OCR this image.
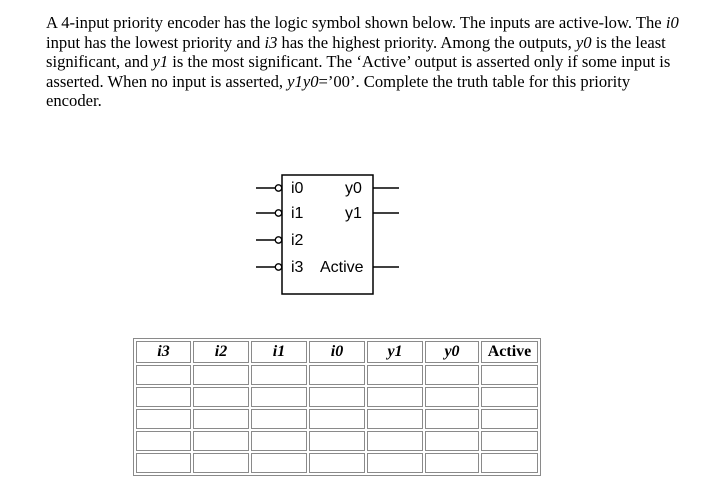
A 4-input priority encoder has the logic symbol shown below. The inputs are active-low. The i0 input has the lowest priority and i3 has the highest priority. Among the outputs, y0 is the least significant, and y1 is the most significant. The ‘Active’ output is asserted only if some input is asserted. When no input is asserted, y1y0=’00’. Complete the truth table for this priority encoder.

i0
i1
i2
i3
y0
y1
Active
i3	i2	i1	i0	y1	y0	Active
